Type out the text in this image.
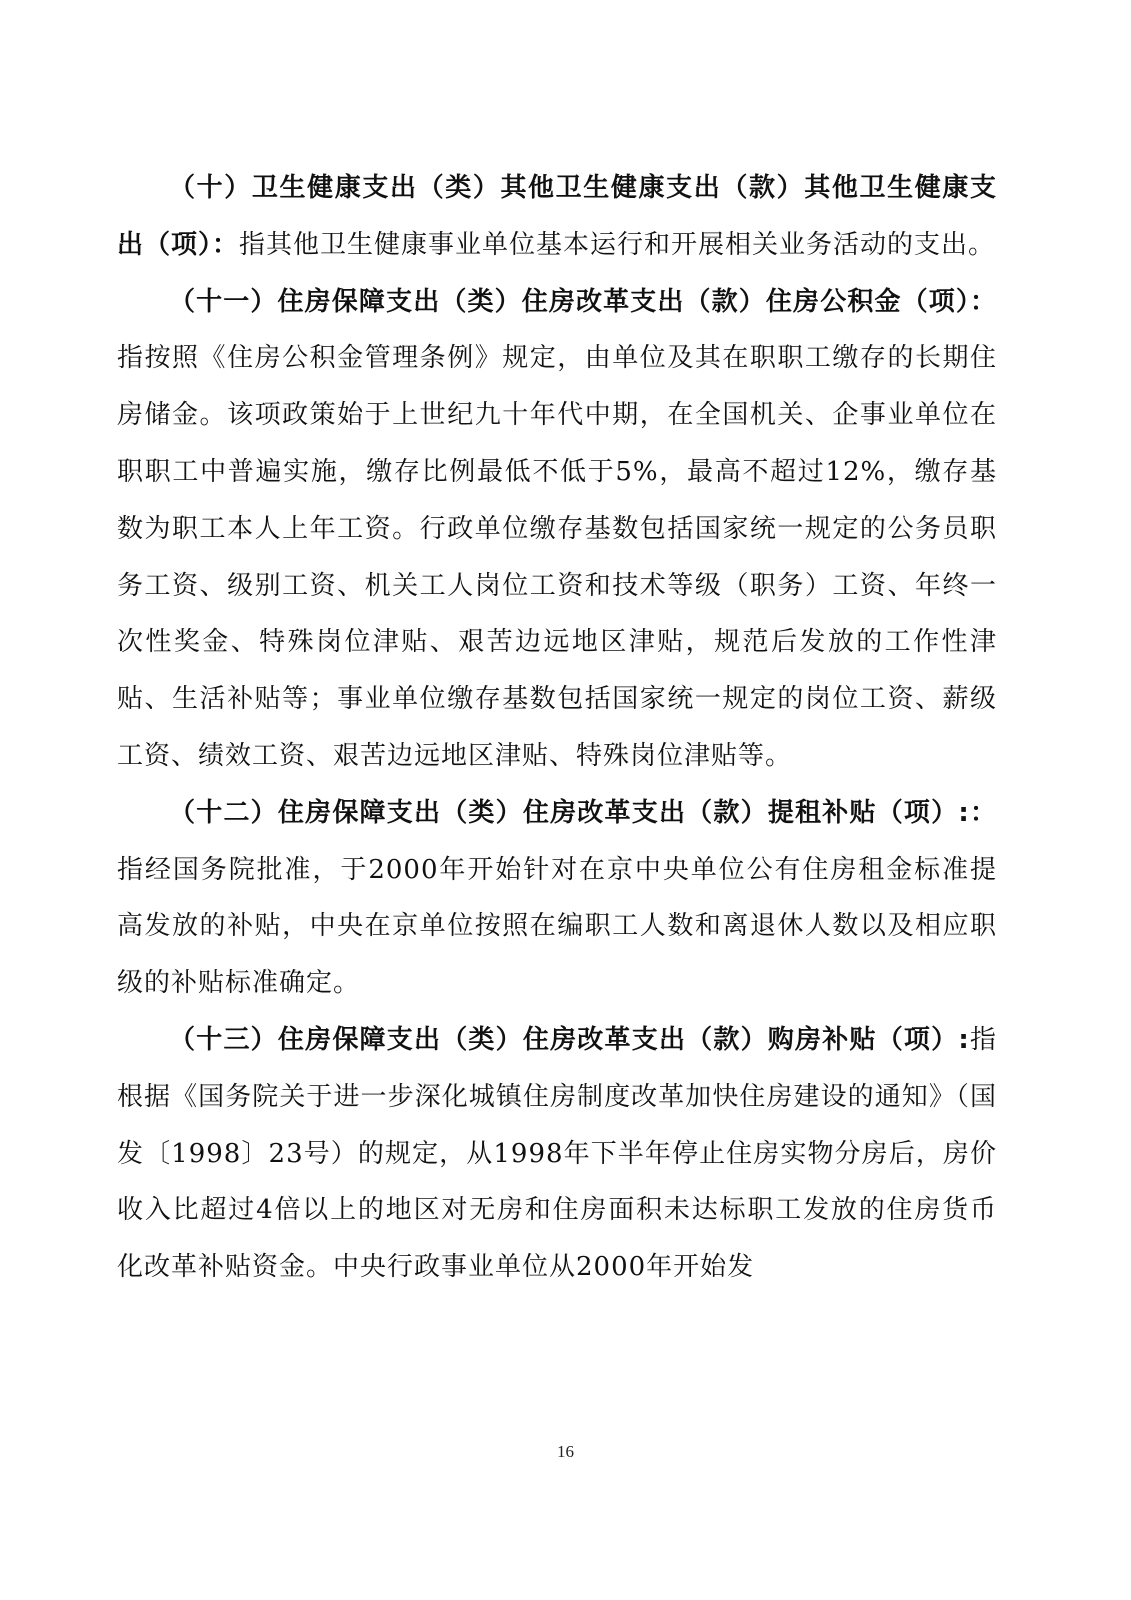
（十）卫生健康支出（类）其他卫生健康支出（款）其他卫生健康支出（项）：指其他卫生健康事业单位基本运行和开展相关业务活动的支出。

（十一）住房保障支出（类）住房改革支出（款）住房公积金（项）：指按照《住房公积金管理条例》规定，由单位及其在职职工缴存的长期住房储金。该项政策始于上世纪九十年代中期，在全国机关、企事业单位在职职工中普遍实施，缴存比例最低不低于5%，最高不超过12%，缴存基数为职工本人上年工资。行政单位缴存基数包括国家统一规定的公务员职务工资、级别工资、机关工人岗位工资和技术等级（职务）工资、年终一次性奖金、特殊岗位津贴、艰苦边远地区津贴，规范后发放的工作性津贴、生活补贴等；事业单位缴存基数包括国家统一规定的岗位工资、薪级工资、绩效工资、艰苦边远地区津贴、特殊岗位津贴等。

（十二）住房保障支出（类）住房改革支出（款）提租补贴（项）:：指经国务院批准，于2000年开始针对在京中央单位公有住房租金标准提高发放的补贴，中央在京单位按照在编职工人数和离退休人数以及相应职级的补贴标准确定。

（十三）住房保障支出（类）住房改革支出（款）购房补贴（项）:指根据《国务院关于进一步深化城镇住房制度改革加快住房建设的通知》（国发〔1998〕23号）的规定，从1998年下半年停止住房实物分房后，房价收入比超过4倍以上的地区对无房和住房面积未达标职工发放的住房货币化改革补贴资金。中央行政事业单位从2000年开始发

16
